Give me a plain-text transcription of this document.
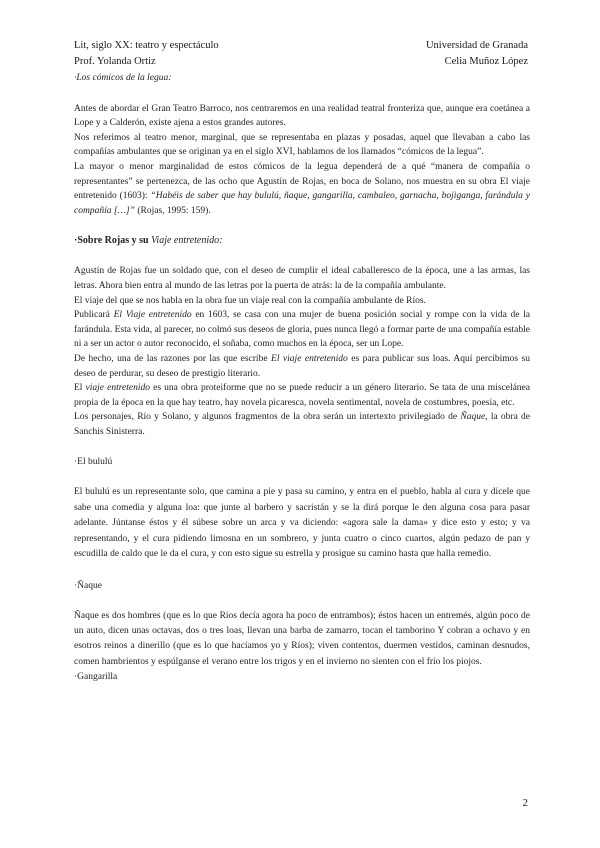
Lit, siglo XX: teatro y espectáculo
Prof. Yolanda Ortiz
Universidad de Granada
Celia Muñoz López
·Los cómicos de la legua:

Antes de abordar el Gran Teatro Barroco, nos centraremos en una realidad teatral fronteriza que, aunque era coetánea a Lope y a Calderón, existe ajena a estos grandes autores.

Nos referimos al teatro menor, marginal, que se representaba en plazas y posadas, aquel que llevaban a cabo las compañías ambulantes que se originan ya en el siglo XVI, hablamos de los llamados “cómicos de la legua”.

La mayor o menor marginalidad de estos cómicos de la legua dependerá de a qué “manera de compañía o representantes” se pertenezca, de las ocho que Agustín de Rojas, en boca de Solano, nos muestra en su obra El viaje entretenido (1603): “Habéis de saber que hay bululú, ñaque, gangarilla, cambaleo, garnacha, bojiganga, farándula y compañía […]” (Rojas, 1995: 159).

·Sobre Rojas y su Viaje entretenido:

Agustín de Rojas fue un soldado que, con el deseo de cumplir el ideal caballeresco de la época, une a las armas, las letras. Ahora bien entra al mundo de las letras por la puerta de atrás: la de la compañía ambulante.

El viaje del que se nos habla en la obra fue un viaje real con la compañía ambulante de Ríos.

Publicará El Viaje entretenido en 1603, se casa con una mujer de buena posición social y rompe con la vida de la farándula. Esta vida, al parecer, no colmó sus deseos de gloria, pues nunca llegó a formar parte de una compañía estable ni a ser un actor o autor reconocido, el soñaba, como muchos en la época, ser un Lope.

De hecho, una de las razones por las que escribe El viaje entretenido es para publicar sus loas. Aquí percibimos su deseo de perdurar, su deseo de prestigio literario.

El viaje entretenido es una obra proteiforme que no se puede reducir a un género literario. Se tata de una miscelánea propia de la época en la que hay teatro, hay novela picaresca, novela sentimental, novela de costumbres, poesía, etc.

Los personajes, Río y Solano, y algunos fragmentos de la obra serán un intertexto privilegiado de Ñaque, la obra de Sanchis Sinisterra.

·El bululú

El bululú es un representante solo, que camina a pie y pasa su camino, y entra en el pueblo, habla al cura y dícele que sabe una comedia y alguna loa: que junte al barbero y sacristán y se la dirá porque le den alguna cosa para pasar adelante. Júntanse éstos y él súbese sobre un arca y va diciendo: «agora sale la dama» y dice esto y esto; y va representando, y el cura pidiendo limosna en un sombrero, y junta cuatro o cinco cuartos, algún pedazo de pan y escudilla de caldo que le da el cura, y con esto sigue su estrella y prosigue su camino hasta que halla remedio.

·Ñaque

Ñaque es dos hombres (que es lo que Ríos decía agora ha poco de entrambos); éstos hacen un entremés, algún poco de un auto, dicen unas octavas, dos o tres loas, llevan una barba de zamarro, tocan el tamborino Y cobran a ochavo y en esotros reinos a dinerillo (que es lo que hacíamos yo y Ríos); viven contentos, duermen vestidos, caminan desnudos, comen hambrientos y espúlganse el verano entre los trigos y en el invierno no sienten con el frío los piojos.

·Gangarilla
2
